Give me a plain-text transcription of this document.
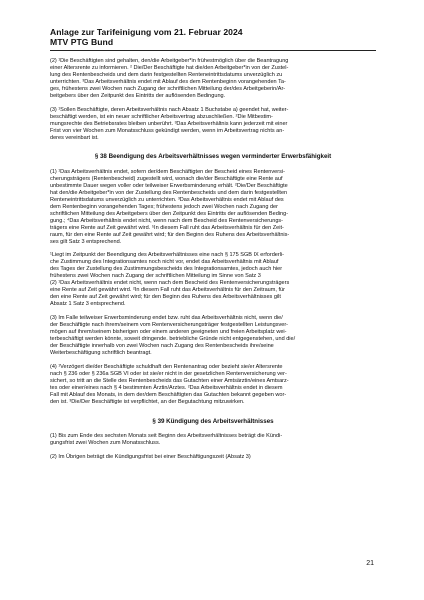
Anlage zur Tarifeinigung vom 21. Februar 2024
MTV PTG Bund

(2) ¹Die Beschäftigten sind gehalten, den/die Arbeitgeber*in frühestmöglich über die Beantragung
einer Altersrente zu informieren. ² Die/Der Beschäftigte hat die/den Arbeitgeber*in von der Zustel-
lung des Rentenbescheids und dem darin festgestellten Renteneintrittsdatums unverzüglich zu
unterrichten. ³Das Arbeitsverhältnis endet mit Ablauf des dem Rentenbeginn vorangehenden Ta-
ges, frühestens zwei Wochen nach Zugang der schriftlichen Mitteilung der/des Arbeitgeberin/Ar-
beitgebers über den Zeitpunkt des Eintritts der auflösenden Bedingung.

(3) ¹Sollen Beschäftigte, deren Arbeitsverhältnis nach Absatz 1 Buchstabe a) geendet hat, weiter-
beschäftigt werden, ist ein neuer schriftlicher Arbeitsvertrag abzuschließen. ²Die Mitbestim-
mungsrechte des Betriebsrates bleiben unberührt. ³Das Arbeitsverhältnis kann jederzeit mit einer
Frist von vier Wochen zum Monatsschluss gekündigt werden, wenn im Arbeitsvertrag nichts an-
deres vereinbart ist.

§ 38 Beendigung des Arbeitsverhältnisses wegen verminderter Erwerbsfähigkeit

(1) ¹Das Arbeitsverhältnis endet, sofern der/dem Beschäftigten der Bescheid eines Rentenversi-
cherungsträgers (Rentenbescheid) zugestellt wird, wonach die/der Beschäftigte eine Rente auf
unbestimmte Dauer wegen voller oder teilweiser Erwerbsminderung erhält. ²Die/Der Beschäftigte
hat den/die Arbeitgeber*in von der Zustellung des Rentenbescheids und dem darin festgestellten
Renteneintrittsdatums unverzüglich zu unterrichten. ³Das Arbeitsverhältnis endet mit Ablauf des
dem Rentenbeginn vorangehenden Tages; frühestens jedoch zwei Wochen nach Zugang der
schriftlichen Mitteilung des Arbeitgebers über den Zeitpunkt des Eintritts der auflösenden Beding-
gung.; ⁴Das Arbeitsverhältnis endet nicht, wenn nach dem Bescheid des Rentenversicherungs-
trägers eine Rente auf Zeit gewährt wird. ⁵In diesem Fall ruht das Arbeitsverhältnis für den Zeit-
raum, für den eine Rente auf Zeit gewährt wird; für den Beginn des Ruhens des Arbeitsverhältnis-
ses gilt Satz 3 entsprechend.

¹Liegt im Zeitpunkt der Beendigung des Arbeitsverhältnisses eine nach § 175 SGB IX erforderli-
che Zustimmung des Integrationsamtes noch nicht vor, endet das Arbeitsverhältnis mit Ablauf
des Tages der Zustellung des Zustimmungsbescheids des Integrationsamtes, jedoch auch hier
frühestens zwei Wochen nach Zugang der schriftlichen Mitteilung im Sinne von Satz 3
(2) ¹Das Arbeitsverhältnis endet nicht, wenn nach dem Bescheid des Rentenversicherungsträgers
eine Rente auf Zeit gewährt wird. ²In diesem Fall ruht das Arbeitsverhältnis für den Zeitraum, für
den eine Rente auf Zeit gewährt wird; für den Beginn des Ruhens des Arbeitsverhältnisses gilt
Absatz 1 Satz 3 entsprechend.

(3) Im Falle teilweiser Erwerbsminderung endet bzw. ruht das Arbeitsverhältnis nicht, wenn die/
der Beschäftigte nach ihrem/seinem vom Rentenversicherungsträger festgestellten Leistungsver-
mögen auf ihrem/seinem bisherigen oder einem anderen geeigneten und freien Arbeitsplatz wei-
terbeschäftigt werden könnte, soweit dringende. betriebliche Gründe nicht entgegenstehen, und die/
der Beschäftigte innerhalb von zwei Wochen nach Zugang des Rentenbescheids ihre/seine
Weiterbeschäftigung schriftlich beantragt.

(4) ¹Verzögert die/der Beschäftigte schuldhaft den Rentenantrag oder bezieht sie/er Altersrente
nach § 236 oder § 236a SGB VI oder ist sie/er nicht in der gesetzlichen Rentenversicherung ver-
sichert, so tritt an die Stelle des Rentenbescheids das Gutachten einer Amtsärztin/eines Amtsarz-
tes oder einer/eines nach § 4 bestimmten Ärztin/Arztes. ²Das Arbeitsverhältnis endet in diesem
Fall mit Ablauf des Monats, in dem der/dem Beschäftigten das Gutachten bekannt gegeben wor-
den ist. ³Die/Der Beschäftigte ist verpflichtet, an der Begutachtung mitzuwirken.

§ 39 Kündigung des Arbeitsverhältnisses

(1) Bis zum Ende des sechsten Monats seit Beginn des Arbeitsverhältnisses beträgt die Kündi-
gungsfrist zwei Wochen zum Monatsschluss.

(2) Im Übrigen beträgt die Kündigungsfrist bei einer Beschäftigungszeit (Absatz 3)

21
